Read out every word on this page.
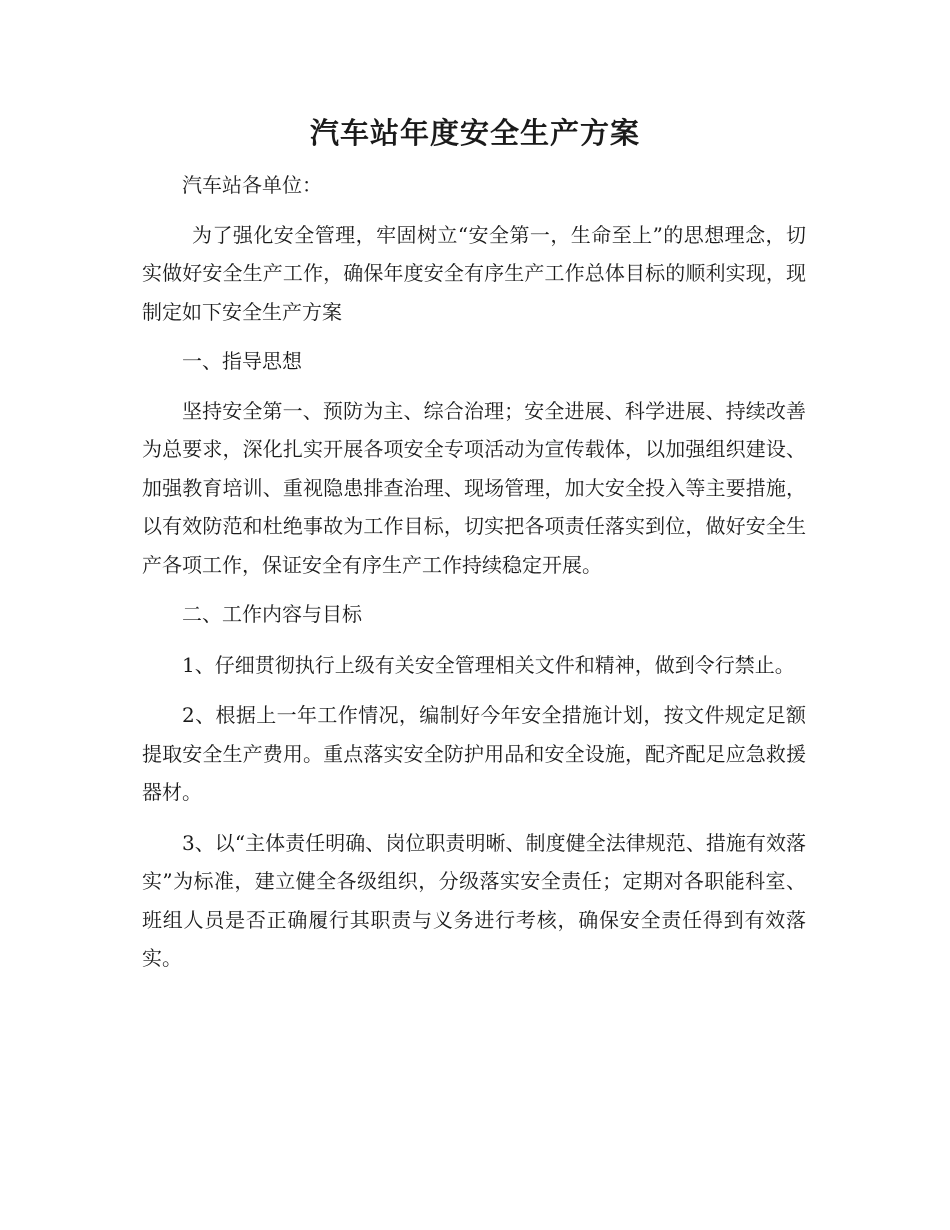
汽车站年度安全生产方案

汽车站各单位：

为了强化安全管理，牢固树立“安全第一，生命至上”的思想理念，切实做好安全生产工作，确保年度安全有序生产工作总体目标的顺利实现，现制定如下安全生产方案

一、指导思想

坚持安全第一、预防为主、综合治理；安全进展、科学进展、持续改善为总要求，深化扎实开展各项安全专项活动为宣传载体，以加强组织建设、加强教育培训、重视隐患排查治理、现场管理，加大安全投入等主要措施，以有效防范和杜绝事故为工作目标，切实把各项责任落实到位，做好安全生产各项工作，保证安全有序生产工作持续稳定开展。

二、工作内容与目标

1、仔细贯彻执行上级有关安全管理相关文件和精神，做到令行禁止。

2、根据上一年工作情况，编制好今年安全措施计划，按文件规定足额提取安全生产费用。重点落实安全防护用品和安全设施，配齐配足应急救援器材。

3、以“主体责任明确、岗位职责明晰、制度健全法律规范、措施有效落实”为标准，建立健全各级组织，分级落实安全责任；定期对各职能科室、班组人员是否正确履行其职责与义务进行考核，确保安全责任得到有效落实。
